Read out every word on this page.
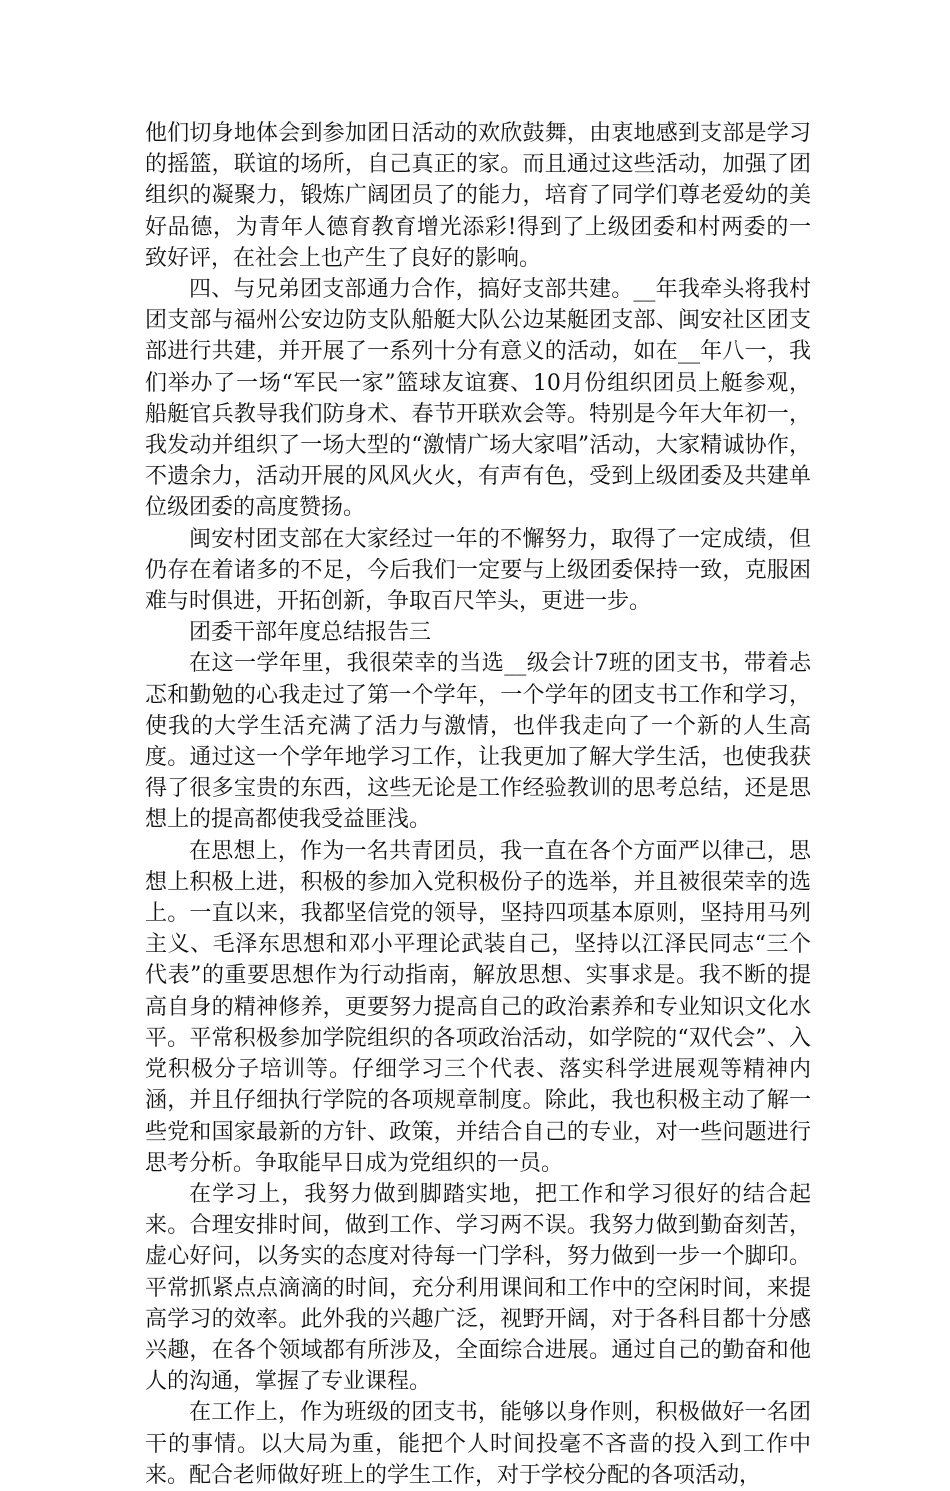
他们切身地体会到参加团日活动的欢欣鼓舞，由衷地感到支部是学习的摇篮，联谊的场所，自己真正的家。而且通过这些活动，加强了团组织的凝聚力，锻炼广阔团员了的能力，培育了同学们尊老爱幼的美好品德，为青年人德育教育增光添彩!得到了上级团委和村两委的一致好评，在社会上也产生了良好的影响。

四、与兄弟团支部通力合作，搞好支部共建。__年我牵头将我村团支部与福州公安边防支队船艇大队公边某艇团支部、闽安社区团支部进行共建，并开展了一系列十分有意义的活动，如在__年八一，我们举办了一场“军民一家”篮球友谊赛、10月份组织团员上艇参观，船艇官兵教导我们防身术、春节开联欢会等。特别是今年大年初一，我发动并组织了一场大型的“激情广场大家唱”活动，大家精诚协作，不遗余力，活动开展的风风火火，有声有色，受到上级团委及共建单位级团委的高度赞扬。

闽安村团支部在大家经过一年的不懈努力，取得了一定成绩，但仍存在着诸多的不足，今后我们一定要与上级团委保持一致，克服困难与时俱进，开拓创新，争取百尺竿头，更进一步。

团委干部年度总结报告三

在这一学年里，我很荣幸的当选__级会计7班的团支书，带着忐忑和勤勉的心我走过了第一个学年，一个学年的团支书工作和学习，使我的大学生活充满了活力与激情，也伴我走向了一个新的人生高度。通过这一个学年地学习工作，让我更加了解大学生活，也使我获得了很多宝贵的东西，这些无论是工作经验教训的思考总结，还是思想上的提高都使我受益匪浅。

在思想上，作为一名共青团员，我一直在各个方面严以律己，思想上积极上进，积极的参加入党积极份子的选举，并且被很荣幸的选上。一直以来，我都坚信党的领导，坚持四项基本原则，坚持用马列主义、毛泽东思想和邓小平理论武装自己，坚持以江泽民同志“三个代表”的重要思想作为行动指南，解放思想、实事求是。我不断的提高自身的精神修养，更要努力提高自己的政治素养和专业知识文化水平。平常积极参加学院组织的各项政治活动，如学院的“双代会”、入党积极分子培训等。仔细学习三个代表、落实科学进展观等精神内涵，并且仔细执行学院的各项规章制度。除此，我也积极主动了解一些党和国家最新的方针、政策，并结合自己的专业，对一些问题进行思考分析。争取能早日成为党组织的一员。

在学习上，我努力做到脚踏实地，把工作和学习很好的结合起来。合理安排时间，做到工作、学习两不误。我努力做到勤奋刻苦，虚心好问，以务实的态度对待每一门学科，努力做到一步一个脚印。平常抓紧点点滴滴的时间，充分利用课间和工作中的空闲时间，来提高学习的效率。此外我的兴趣广泛，视野开阔，对于各科目都十分感兴趣，在各个领域都有所涉及，全面综合进展。通过自己的勤奋和他人的沟通，掌握了专业课程。

在工作上，作为班级的团支书，能够以身作则，积极做好一名团干的事情。以大局为重，能把个人时间投毫不吝啬的投入到工作中来。配合老师做好班上的学生工作，对于学校分配的各项活动，
